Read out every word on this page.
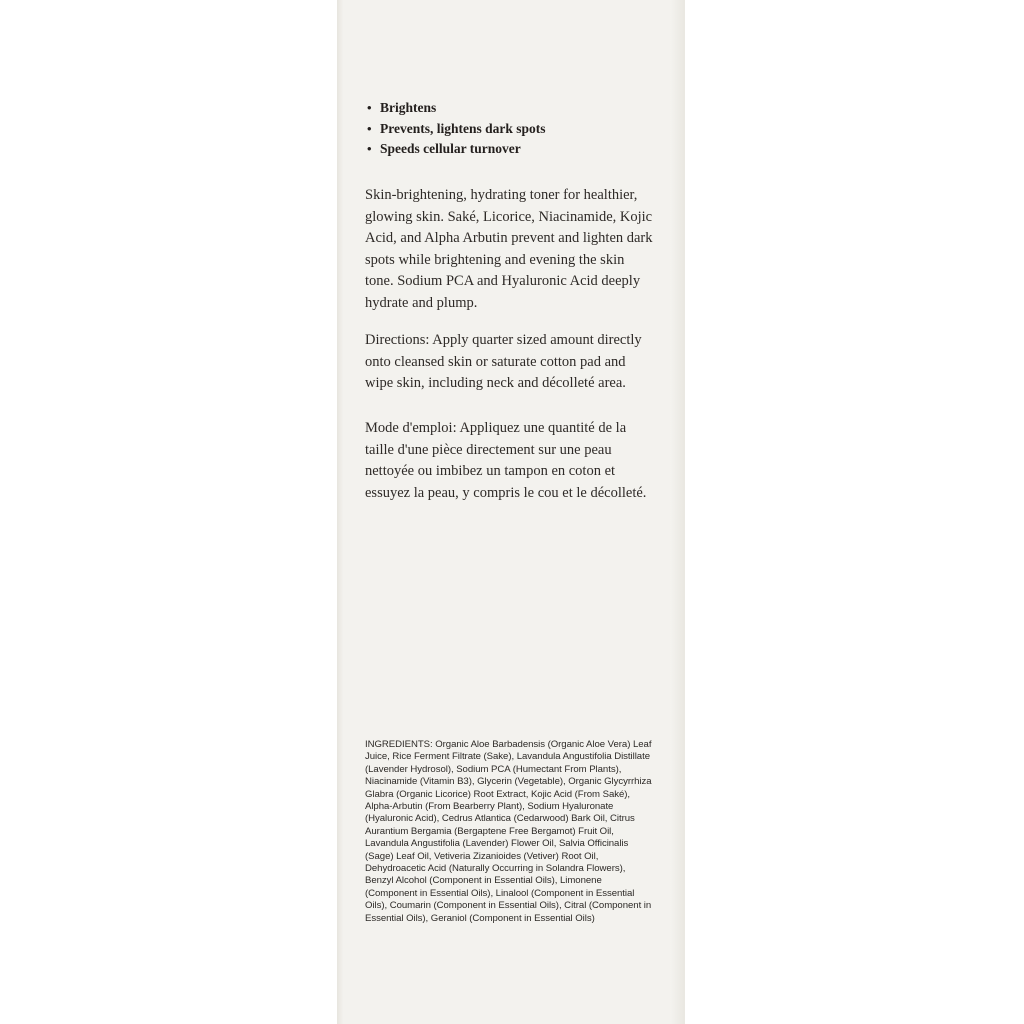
• Brightens
• Prevents, lightens dark spots
• Speeds cellular turnover

Skin-brightening, hydrating toner for healthier, glowing skin. Saké, Licorice, Niacinamide, Kojic Acid, and Alpha Arbutin prevent and lighten dark spots while brightening and evening the skin tone. Sodium PCA and Hyaluronic Acid deeply hydrate and plump.

Directions: Apply quarter sized amount directly onto cleansed skin or saturate cotton pad and wipe skin, including neck and décolleté area.

Mode d'emploi: Appliquez une quantité de la taille d'une pièce directement sur une peau nettoyée ou imbibez un tampon en coton et essuyez la peau, y compris le cou et le décolleté.

INGREDIENTS: Organic Aloe Barbadensis (Organic Aloe Vera) Leaf Juice, Rice Ferment Filtrate (Sake), Lavandula Angustifolia Distillate (Lavender Hydrosol), Sodium PCA (Humectant From Plants), Niacinamide (Vitamin B3), Glycerin (Vegetable), Organic Glycyrrhiza Glabra (Organic Licorice) Root Extract, Kojic Acid (From Saké), Alpha-Arbutin (From Bearberry Plant), Sodium Hyaluronate (Hyaluronic Acid), Cedrus Atlantica (Cedarwood) Bark Oil, Citrus Aurantium Bergamia (Bergaptene Free Bergamot) Fruit Oil, Lavandula Angustifolia (Lavender) Flower Oil, Salvia Officinalis (Sage) Leaf Oil, Vetiveria Zizanioides (Vetiver) Root Oil, Dehydroacetic Acid (Naturally Occurring in Solandra Flowers), Benzyl Alcohol (Component in Essential Oils), Limonene (Component in Essential Oils), Linalool (Component in Essential Oils), Coumarin (Component in Essential Oils), Citral (Component in Essential Oils), Geraniol (Component in Essential Oils)
